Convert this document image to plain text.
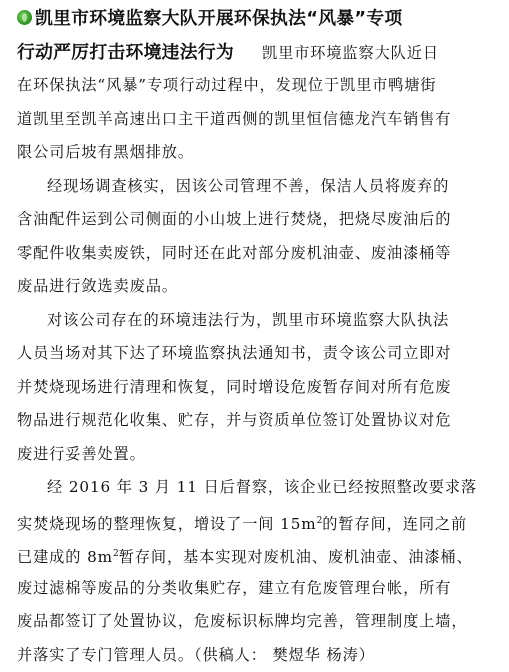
凯里市环境监察大队开展环保执法“风暴”专项
行动严厉打击环境违法行为 凯里市环境监察大队近日
在环保执法“风暴”专项行动过程中，发现位于凯里市鸭塘街
道凯里至凯羊高速出口主干道西侧的凯里恒信德龙汽车销售有
限公司后坡有黑烟排放。
经现场调查核实，因该公司管理不善，保洁人员将废弃的
含油配件运到公司侧面的小山坡上进行焚烧，把烧尽废油后的
零配件收集卖废铁，同时还在此对部分废机油壶、废油漆桶等
废品进行敛选卖废品。
对该公司存在的环境违法行为，凯里市环境监察大队执法
人员当场对其下达了环境监察执法通知书，责令该公司立即对
并焚烧现场进行清理和恢复，同时增设危废暂存间对所有危废
物品进行规范化收集、贮存，并与资质单位签订处置协议对危
废进行妥善处置。
经 2016 年 3 月 11 日后督察，该企业已经按照整改要求落
实焚烧现场的整理恢复，增设了一间 $15m^2$的暂存间，连同之前
已建成的 $8m^2$暂存间，基本实现对废机油、废机油壶、油漆桶、
废过滤棉等废品的分类收集贮存，建立有危废管理台帐，所有
废品都签订了处置协议，危废标识标牌均完善，管理制度上墙，
并落实了专门管理人员。（供稿人： 樊煜华 杨涛）
